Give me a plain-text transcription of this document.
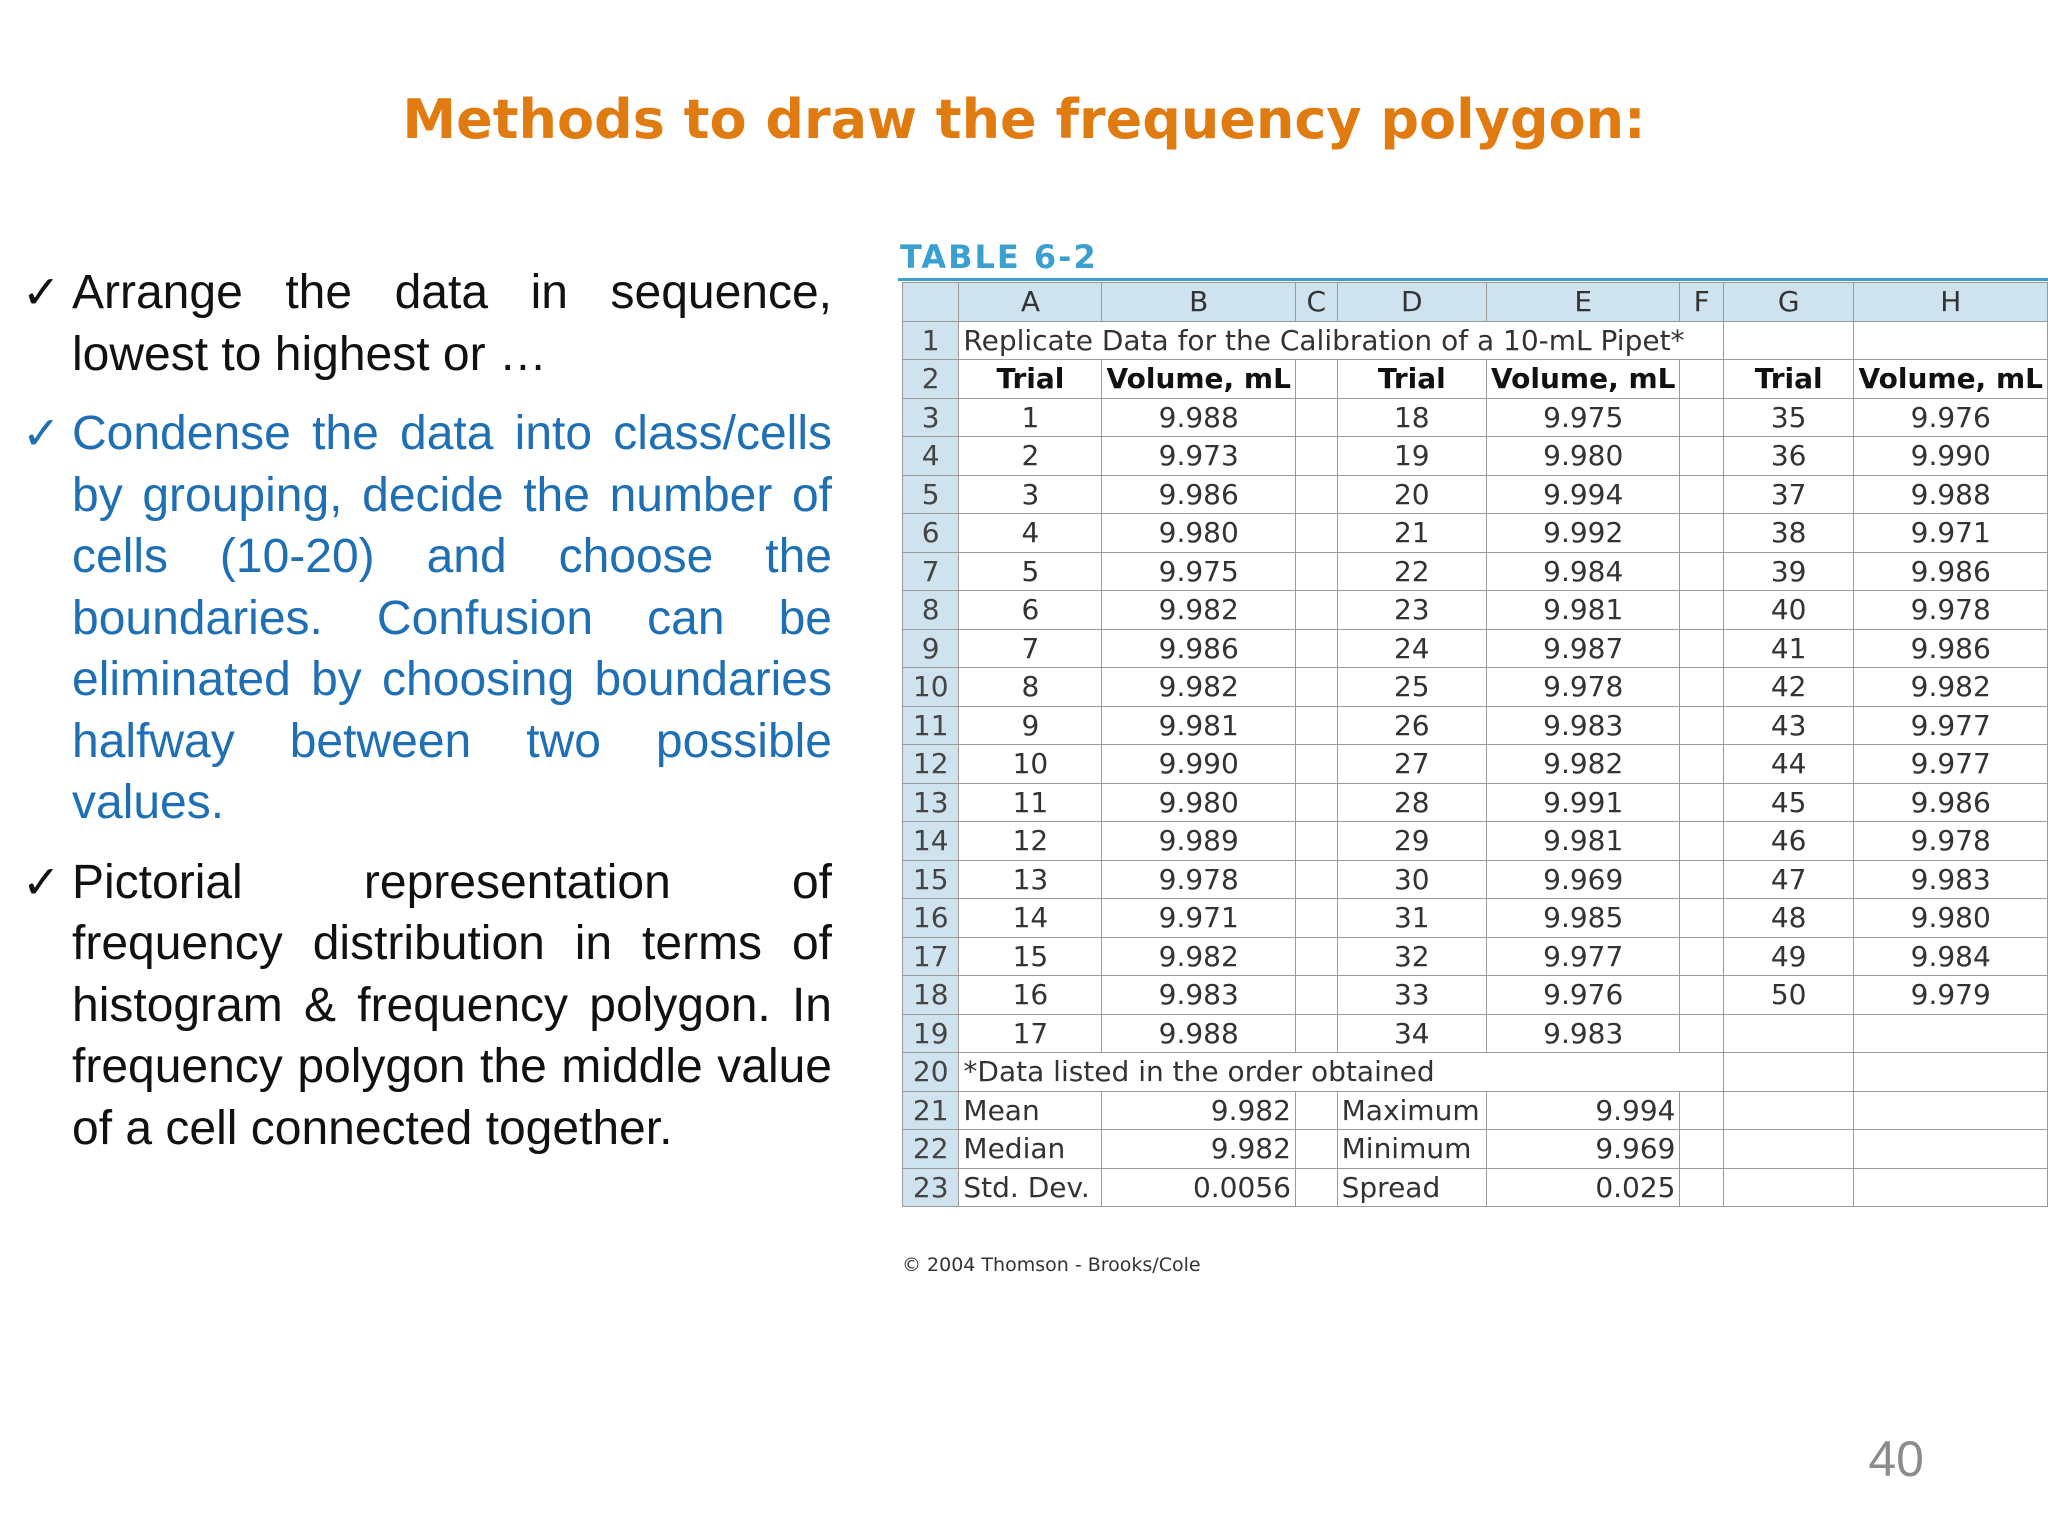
Methods to draw the frequency polygon:
✓ Arrange the data in sequence, lowest to highest or …
✓ Condense the data into class/cells by grouping, decide the number of cells (10-20) and choose the boundaries. Confusion can be eliminated by choosing boundaries halfway between two possible values.
✓ Pictorial representation of frequency distribution in terms of histogram & frequency polygon. In frequency polygon the middle value of a cell connected together.
TABLE 6-2
	A	B	C	D	E	F	G	H
1	Replicate Data for the Calibration of a 10-mL Pipet*							
2	Trial	Volume, mL		Trial	Volume, mL		Trial	Volume, mL
3	1	9.988		18	9.975		35	9.976
4	2	9.973		19	9.980		36	9.990
5	3	9.986		20	9.994		37	9.988
6	4	9.980		21	9.992		38	9.971
7	5	9.975		22	9.984		39	9.986
8	6	9.982		23	9.981		40	9.978
9	7	9.986		24	9.987		41	9.986
10	8	9.982		25	9.978		42	9.982
11	9	9.981		26	9.983		43	9.977
12	10	9.990		27	9.982		44	9.977
13	11	9.980		28	9.991		45	9.986
14	12	9.989		29	9.981		46	9.978
15	13	9.978		30	9.969		47	9.983
16	14	9.971		31	9.985		48	9.980
17	15	9.982		32	9.977		49	9.984
18	16	9.983		33	9.976		50	9.979
19	17	9.988		34	9.983			
20	*Data listed in the order obtained							
21	Mean	9.982		Maximum	9.994			
22	Median	9.982		Minimum	9.969			
23	Std. Dev.	0.0056		Spread	0.025			
© 2004 Thomson - Brooks/Cole
40
